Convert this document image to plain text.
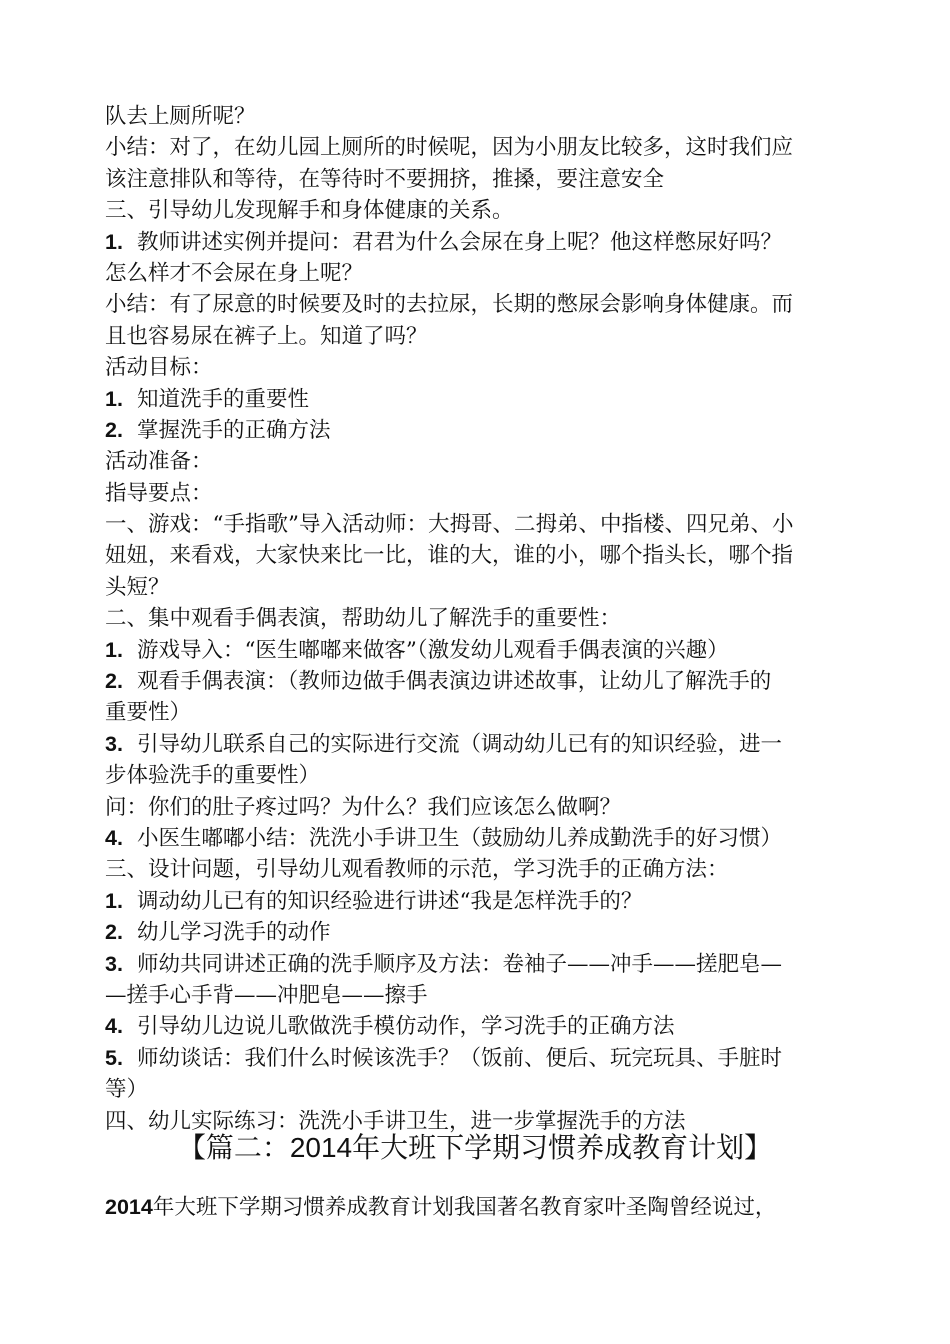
队去上厕所呢？
小结：对了，在幼儿园上厕所的时候呢，因为小朋友比较多，这时我们应
该注意排队和等待，在等待时不要拥挤，推搡，要注意安全
三、引导幼儿发现解手和身体健康的关系。
1. 教师讲述实例并提问：君君为什么会尿在身上呢？他这样憋尿好吗？
怎么样才不会尿在身上呢？
小结：有了尿意的时候要及时的去拉尿，长期的憋尿会影响身体健康。而
且也容易尿在裤子上。知道了吗？
活动目标：
1. 知道洗手的重要性
2. 掌握洗手的正确方法
活动准备：
指导要点：
一、游戏：“手指歌”导入活动师：大拇哥、二拇弟、中指楼、四兄弟、小
妞妞，来看戏，大家快来比一比，谁的大，谁的小，哪个指头长，哪个指
头短？
二、集中观看手偶表演，帮助幼儿了解洗手的重要性：
1. 游戏导入：“医生嘟嘟来做客”（激发幼儿观看手偶表演的兴趣）
2. 观看手偶表演：（教师边做手偶表演边讲述故事，让幼儿了解洗手的
重要性）
3. 引导幼儿联系自己的实际进行交流（调动幼儿已有的知识经验，进一
步体验洗手的重要性）
问：你们的肚子疼过吗？为什么？我们应该怎么做啊？
4. 小医生嘟嘟小结：洗洗小手讲卫生（鼓励幼儿养成勤洗手的好习惯）
三、设计问题，引导幼儿观看教师的示范，学习洗手的正确方法：
1. 调动幼儿已有的知识经验进行讲述“我是怎样洗手的？
2. 幼儿学习洗手的动作
3. 师幼共同讲述正确的洗手顺序及方法：卷袖子——冲手——搓肥皂—
—搓手心手背——冲肥皂——擦手
4. 引导幼儿边说儿歌做洗手模仿动作，学习洗手的正确方法
5. 师幼谈话：我们什么时候该洗手？（饭前、便后、玩完玩具、手脏时
等）
四、幼儿实际练习：洗洗小手讲卫生，进一步掌握洗手的方法
【篇二：2014年大班下学期习惯养成教育计划】
2014年大班下学期习惯养成教育计划我国著名教育家叶圣陶曾经说过，
